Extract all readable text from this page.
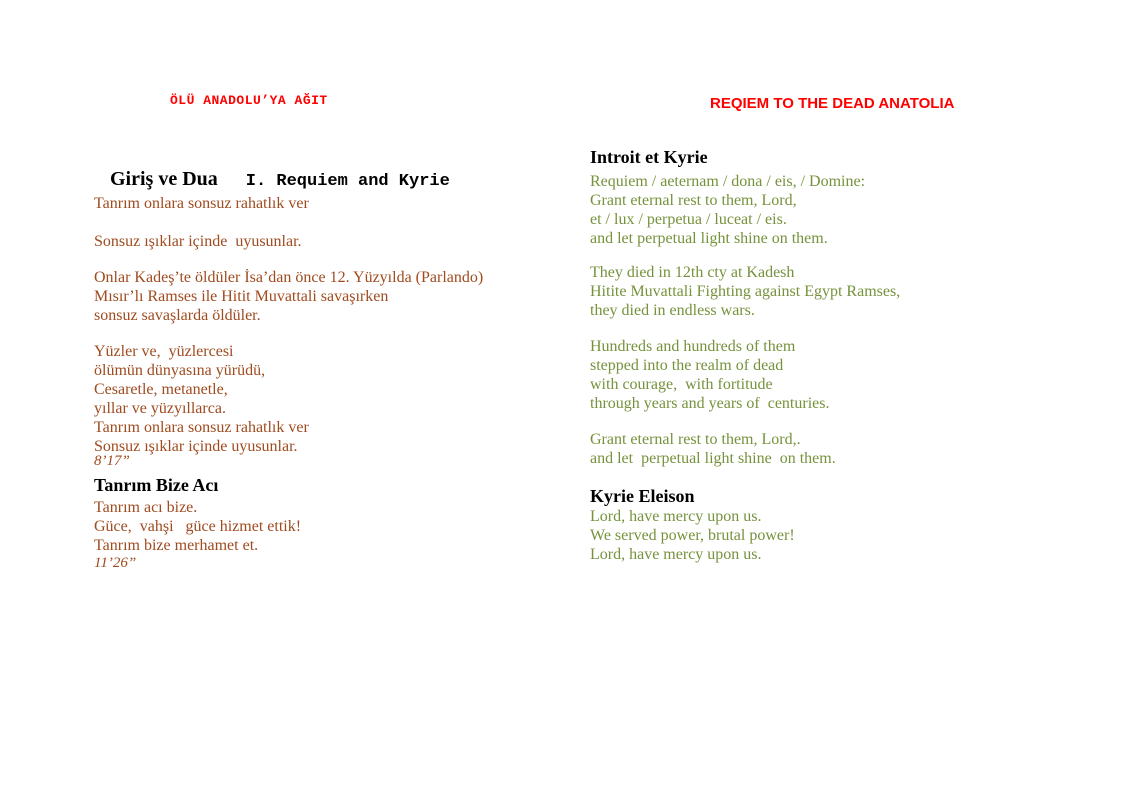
ÖLÜ ANADOLU’YA AĞIT

Giriş ve Dua I. Requiem and Kyrie

Tanrım onlara sonsuz rahatlık ver
Sonsuz ışıklar içinde  uyusunlar.
Onlar Kadeş’te öldüler İsa’dan önce 12. Yüzyılda (Parlando)
Mısır’lı Ramses ile Hitit Muvattali savaşırken
sonsuz savaşlarda öldüler.
Yüzler ve,  yüzlercesi
ölümün dünyasına yürüdü,
Cesaretle, metanetle,
yıllar ve yüzyıllarca.
Tanrım onlara sonsuz rahatlık ver
Sonsuz ışıklar içinde uyusunlar.
8’17”
Tanrım Bize Acı
Tanrım acı bize.
Güce,  vahşi   güce hizmet ettik!
Tanrım bize merhamet et.
11’26”
REQIEM TO THE DEAD ANATOLIA
Introit et Kyrie
Requiem / aeternam / dona / eis, / Domine:
Grant eternal rest to them, Lord,
et / lux / perpetua / luceat / eis.
and let perpetual light shine on them.
They died in 12th cty at Kadesh
Hitite Muvattali Fighting against Egypt Ramses,
they died in endless wars.
Hundreds and hundreds of them
stepped into the realm of dead
with courage,  with fortitude
through years and years of  centuries.
Grant eternal rest to them, Lord,.
and let  perpetual light shine  on them.
Kyrie Eleison
Lord, have mercy upon us.
We served power, brutal power!
Lord, have mercy upon us.
